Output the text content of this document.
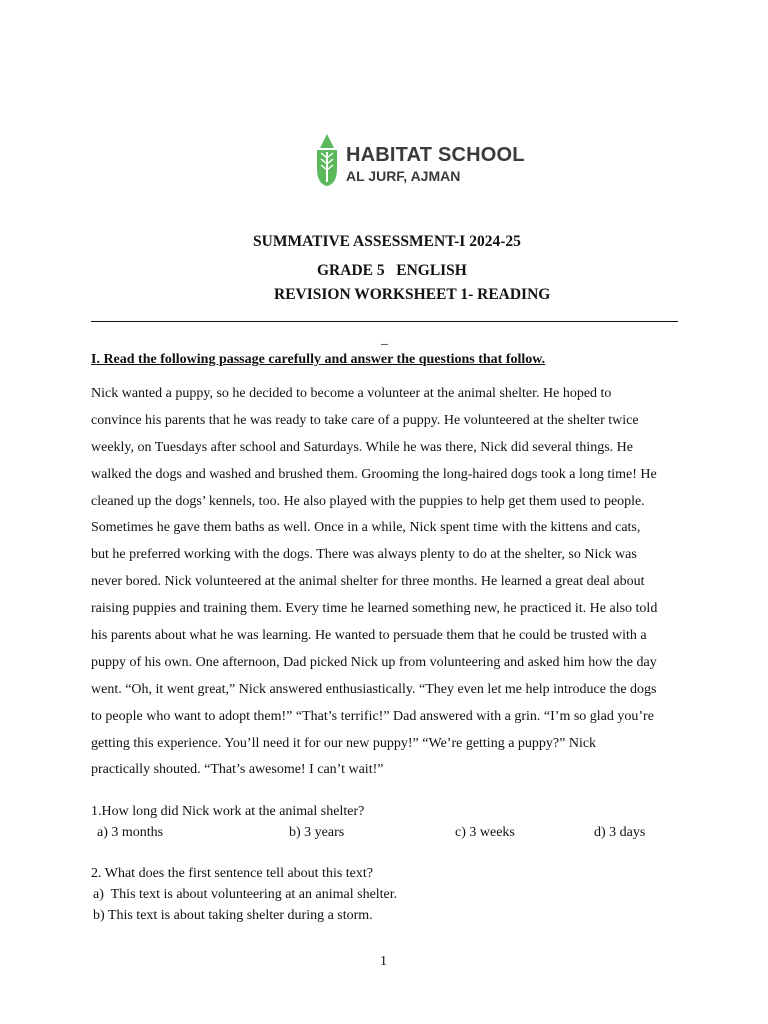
HABITAT SCHOOL
AL JURF, AJMAN
SUMMATIVE ASSESSMENT-I 2024-25
GRADE 5   ENGLISH
REVISION WORKSHEET 1- READING
_
I. Read the following passage carefully and answer the questions that follow.
Nick wanted a puppy, so he decided to become a volunteer at the animal shelter. He hoped to
convince his parents that he was ready to take care of a puppy. He volunteered at the shelter twice
weekly, on Tuesdays after school and Saturdays. While he was there, Nick did several things. He
walked the dogs and washed and brushed them. Grooming the long-haired dogs took a long time! He
cleaned up the dogs’ kennels, too. He also played with the puppies to help get them used to people.
Sometimes he gave them baths as well. Once in a while, Nick spent time with the kittens and cats,
but he preferred working with the dogs. There was always plenty to do at the shelter, so Nick was
never bored. Nick volunteered at the animal shelter for three months. He learned a great deal about
raising puppies and training them. Every time he learned something new, he practiced it. He also told
his parents about what he was learning. He wanted to persuade them that he could be trusted with a
puppy of his own. One afternoon, Dad picked Nick up from volunteering and asked him how the day
went. “Oh, it went great,” Nick answered enthusiastically. “They even let me help introduce the dogs
to people who want to adopt them!” “That’s terrific!” Dad answered with a grin. “I’m so glad you’re
getting this experience. You’ll need it for our new puppy!” “We’re getting a puppy?” Nick
practically shouted. “That’s awesome! I can’t wait!”
1.How long did Nick work at the animal shelter?
a) 3 months	b) 3 years	c) 3 weeks	d) 3 days
2. What does the first sentence tell about this text?
a)  This text is about volunteering at an animal shelter.
b) This text is about taking shelter during a storm.
1
